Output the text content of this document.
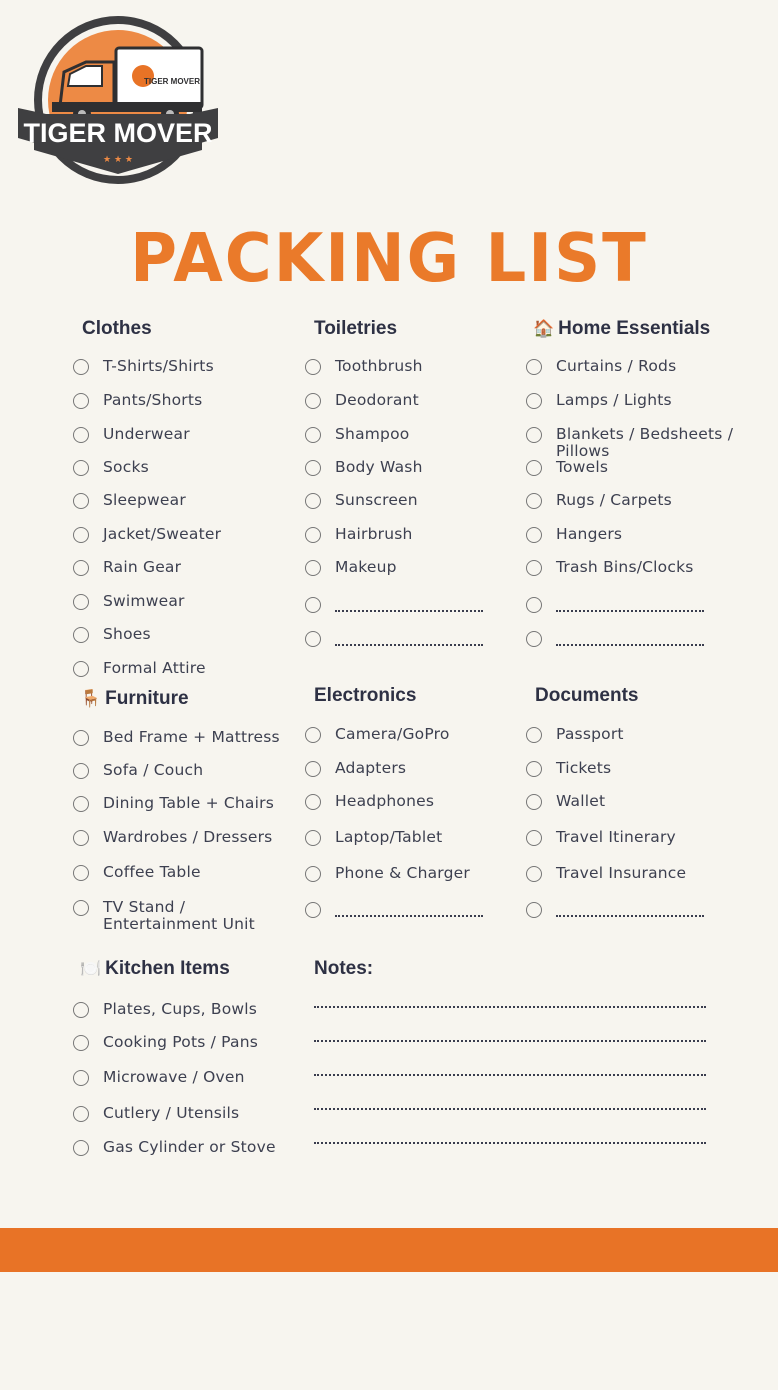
TIGER MOVER
TIGER MOVER
★ ★ ★
PACKING LIST
Clothes
T-Shirts/Shirts
Pants/Shorts
Underwear
Socks
Sleepwear
Jacket/Sweater
Rain Gear
Swimwear
Shoes
Formal Attire
Toiletries
Toothbrush
Deodorant
Shampoo
Body Wash
Sunscreen
Hairbrush
Makeup
🏠 Home Essentials
Curtains / Rods
Lamps / Lights
Blankets / Bedsheets / Pillows
Towels
Rugs / Carpets
Hangers
Trash Bins/Clocks
🪑 Furniture
Bed Frame + Mattress
Sofa / Couch
Dining Table + Chairs
Wardrobes / Dressers
Coffee Table
TV Stand / Entertainment Unit
Electronics
Camera/GoPro
Adapters
Headphones
Laptop/Tablet
Phone & Charger
Documents
Passport
Tickets
Wallet
Travel Itinerary
Travel Insurance
🍽️ Kitchen Items
Plates, Cups, Bowls
Cooking Pots / Pans
Microwave / Oven
Cutlery / Utensils
Gas Cylinder or Stove
Notes:
